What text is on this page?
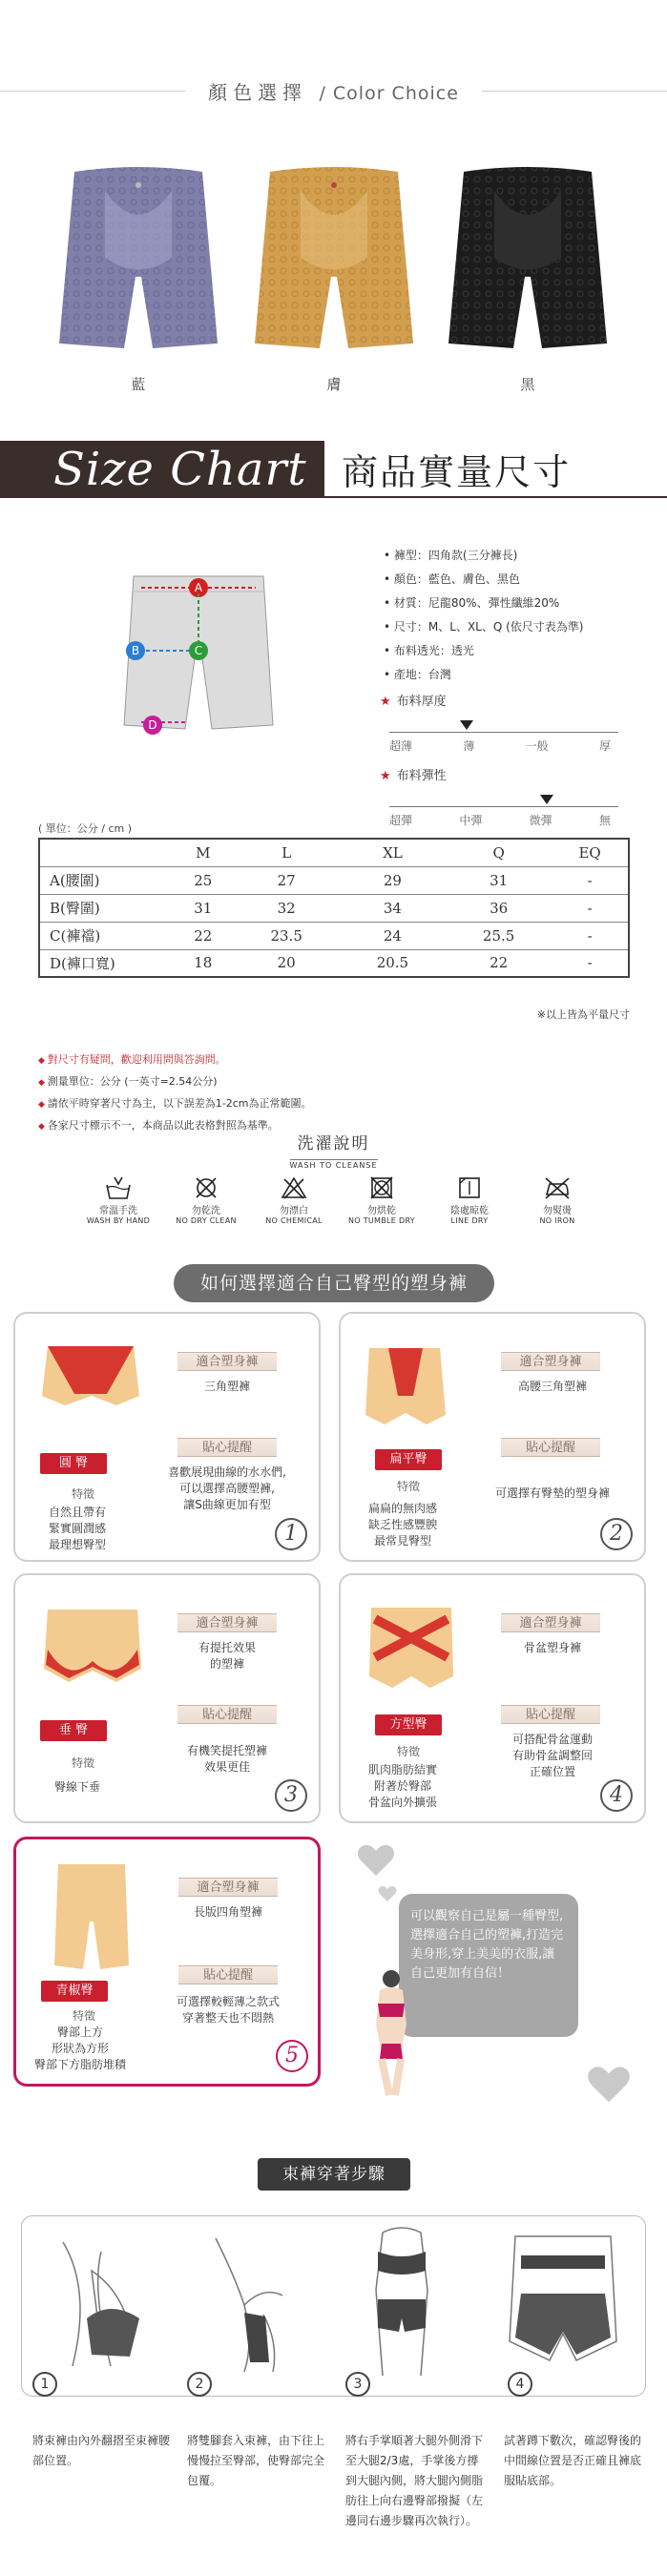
顏色選擇 / Color Choice
藍	膚	黑
Size Chart 商品實量尺寸
A
B	C
D
• 褲型：四角款(三分褲長)
• 顏色：藍色、膚色、黑色
• 材質：尼龍80%、彈性纖維20%
• 尺寸：M、L、XL、Q (依尺寸表為準)
• 布料透光：透光
• 產地：台灣
★ 布料厚度
超薄	薄	一般	厚
★ 布料彈性
超彈	中彈	微彈	無
( 單位：公分 / cm )
	M	L	XL	Q	EQ
A(腰圍)	25	27	29	31	-
B(臀圍)	31	32	34	36	-
C(褲襠)	22	23.5	24	25.5	-
D(褲口寬)	18	20	20.5	22	-
※以上皆為平量尺寸
◆ 對尺寸有疑問，歡迎利用問與答詢問。
◆ 測量單位：公分 (一英寸=2.54公分)
◆ 請依平時穿著尺寸為主，以下誤差為1-2cm為正常範圍。
◆ 各家尺寸標示不一，本商品以此表格對照為基準。
洗濯說明
WASH TO CLEANSE
常溫手洗
WASH BY HAND
勿乾洗
NO DRY CLEAN
勿漂白
NO CHEMICAL
勿烘乾
NO TUMBLE DRY
陰處晾乾
LINE DRY
勿熨燙
NO IRON
如何選擇適合自己臀型的塑身褲
圓 臀
特徵
自然且帶有
緊實圓潤感
最理想臀型
適合塑身褲
三角塑褲
貼心提醒
喜歡展現曲線的水水們,
可以選擇高腰塑褲,
讓S曲線更加有型
1
扁平臀
特徵
扁扁的無肉感
缺乏性感豐腴
最常見臀型
適合塑身褲
高腰三角塑褲
貼心提醒
可選擇有臀墊的塑身褲
2
垂 臀
特徵
臀線下垂
適合塑身褲
有提托效果
的塑褲
貼心提醒
有機笑提托塑褲
效果更佳
3
方型臀
特徵
肌肉脂肪結實
附著於臀部
骨盆向外擴張
適合塑身褲
骨盆塑身褲
貼心提醒
可搭配骨盆運動
有助骨盆調整回
正確位置
4
青椒臀
特徵
臀部上方
形狀為方形
臀部下方脂肪堆積
適合塑身褲
長版四角塑褲
貼心提醒
可選擇較輕薄之款式
穿著整天也不悶熱
5
可以觀察自己是屬一種臀型,選擇適合自己的塑褲,打造完美身形,穿上美美的衣服,讓自己更加有自信！
束褲穿著步驟
1	2	3	4
將束褲由內外翻摺至束褲腰部位置。
將雙腳套入束褲，由下往上慢慢拉至臀部，使臀部完全包覆。
將右手掌順著大腿外側滑下至大腿2/3處，手掌後方撐到大腿內側，將大腿內側脂肪往上向右邊臀部撥擬（左邊同右邊步驟再次執行）。
試著蹲下數次，確認臀後的中間線位置是否正確且褲底服貼底部。
